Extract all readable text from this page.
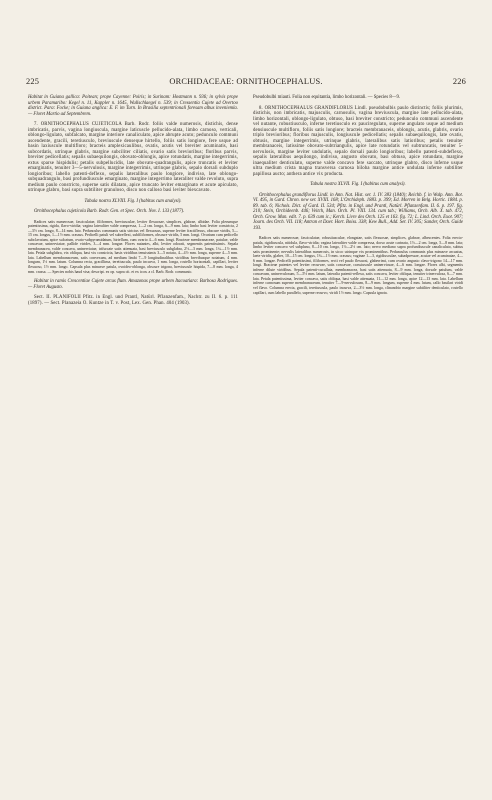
225	ORCHIDACEAE: ORNITHOCEPHALUS.	226

Habitat in Guiana gallica: Poitean; prope Cayenne: Poiris; in Surinam: Hostmann n. 936; in sylvis prope urbem Paramaribo: Kegel n. 11, Kappler n. 1645, Wullschlaegel n. 539; in Cressentia Cujete ad Overtoo district. Para: Focke; in Guiana anglica: E. F. im Turn. In Brasilia septentrionali foresam albus inveniemla. — Floret Martio ad Septembrem.

7. ORNITHOCEPHALUS CUJETICOLA Barb. Rodr. foliis valde numerosis, distichis, dense imbricatis, parvis, vagina longiuscula, margine laticuscle pellucido-alata, limbo carnoso, verticali, oblongo-ligulato, subfalcato, margine interiore canaliculato, apice abrupte acuto; pedunculo communi ascendente, gracili, teretiusculo, breviuscule denseque hirtello, foliis satis longiore, fere usque ad basin laxiuscule multifloro; bracteis amplexicaulibus, ovatis, acutis vel breviter acuminatis, basi subcordatis, utrinque glabris, margine subciliter ciliatis, ovario satis brevioribus; floribus parvis, breviter pedicellatis; sepalis subaequilongis, obovato-oblongis, apice rotundatis, margine integerrimis, extus sparse hispidulis; petalis subpellucidis, late obovato-quadrangulis, apice truncatis et leviter emarginatis, tenuiter 3—5-nervulosis, margine integerrimis, utrinque glabris, sepalo dorsali subduplo longioribus; labello patenti-deflexo, sepalis lateralibus paulo longiore, indiviso, late oblongo-subquadrangulo, basi profundiuscule emarginato, margine integerrimo lateraliter valde revoluto, supra medium paulo constricto, superne satis dilatato, apice truncato leviter emarginato et acute apiculato, utrinque glabro, basi supra subtiliter granuloso, disco non calloso basi leviter biexcavato.

Tabula nostra XLVIII. Fig. I (habitus cum analysi).

Ornithocephalus cujeticola Barb. Rodr. Gen. et Spec. Orch. Nov. I. 133 (1877).

Radices satis numerosae, fasciculatae, filiformes, breviusculae, leviter flexuosae, simplices, glabrae, albidae. Folia plerumque patentissima, rigida, flavo-viridia; vagina lateraliter valde compressa, 1—2 cm. longa, 6—9 mm. lata; limbo basi leviter constricta, 2—3½ cm. longo, 8—14 mm. lato. Pedunculus communis satis strictus vel flexuosus, superne leviter fractiflexus, obscure viridis, 5—15 cm. longus, 1—1½ mm. crassus. Pedicelli patuli vel subreflexi, subfiliformes, obscure viridis, 5 mm. longi. Ovarium cum pedicello subclavatum, apice sulcatum, ovato-subpyramidatum, hirtellum, cum ovario 4—6 mm. longi. Bracteae membranaceae, patulae, valde concavae, uninerviatae, pallide virides, 3—4 mm. longae. Flores nutantes, albi, leviter odorati, segmentis patentissimis. Sepala membranacea, valde concava, uninerviatae, trifurcate satis attenuata, basi breviusculo subglabra, 2½—3 mm. longa, 1¼—1½ mm. lata. Petala subglabra, vix obliqua, basi vix constricta, basis viridibus tenuissimis 3—5 notata, 4—4½ mm. longa, superne 4—5 mm. lata. Labellum membranaceum, satis convexum, ad medium limbi 7—9 longitudinalibus viridibus brevibusque notatum, 4 mm. longum, 1½ mm. latum. Columna recta, gracillima, teretiuscula, paulo incurva, 1 mm. longa, rostello horizontali, capillari, leviter flexuoso, 1½ mm. longo. Capsula plus minusve patula, ovoideo-oblonga, obscure trigona, breviuscule hispida, 7—8 mm. longa, 4 mm. crassa. — Species nobis haud visa; descript. ex op. supra cit. et ex icon. a cl. Barb. Rodr. communic.

Habitat in ramis Crescentiae Cujete arcus flum. Amazonas prope urbem Itacoatiara: Barbosa Rodrigues. — Floret Augusto.

Sect. II. PLANIFOLII Pfitz. in Engl. und Prantl, Natürl. Pflanzenfam., Nachtr. zu II. 6. p. 111 (1897). — Sect. Planazeia O. Kuntze in T. v. Post, Lex. Gen. Phan. 404 (1903).

Pseudobulbi miauti. Folia non equitantia, limbo horizontali. — Species 8—9.

8. ORNITHOCEPHALUS GRANDIFLORUS Lindl. pseudobulbis paulo distinctis; foliis plurimis, distichis, non imbricatis, majusculis, carnosulis, vagina breviuscula, margine late pellucido-alata, limbo horizontali, oblongo-ligulato, obtuso, basi breviter constricto; pedunculo communi ascendente vel nutante, robustiusculo, inferne teretiusculo ex pauciregulato, superne angulato usque ad medium densiuscule multifloro, foliis satis longiore; bracteis membranaceis, oblongis, acutis, glabris, ovario triplo brevioribus; floribus majusculis, longiuscule pedicellatis; sepalis subaequilongis, late ovatis, obtusis, margine integerrimis, utrinque glabris, lateralibus satis latioribus; petalis tenuiter membranaceis, latissime obovato-subtriangulis, apice late rotundatis vel subtruncatis, tenuiter 5-nervulosis, margine leviter undulatis, sepalo dorsali paulo longioribus; labello patenti-subdeflexo, sepalis lateralibus aequilongo, indiviso, angusto obovato, basi obtuso, apice rotundato, margine inaequaliter denticulato, superne valde concavo fere saccato, utrinque glabro, disco inferne usque ultra medium crista magna transversa carnosa biloba margine antice undulata inferne subtiliter papillosa aucto; anthera antice vix producta.

Tabula nostra XLVII. Fig. I (habitus cum analysi).

Ornithocephalus grandiflorus Lindl. in Ann. Nat. Hist. ser. 1. IV. 383 (1840); Reichb. f. in Walp. Ann. Bot. VI. 495, in Gard. Chron. new ser. XVIII. 168; L'Orchideph. 1883. p. 399; Ed. Morren in Belg. Hortic. 1884. p. 89. tab. 6; Nichols. Dict. of Gard. II. 534; Pfitz. in Engl. und Prantl, Natürl. Pflanzenfam. II. 6. p. 197. fig. 210; Stein, Orchideenb. 446; Veitch, Man. Orch. Pl. VIII. 134. cum tab.; Williams, Orch. Alb. X. tab. 472, Orch. Grow. Man. edit. 7. p. 639 cum ic.; Kerch. Livre des Orch. 125 et 163. fig. 72; L. Lind. Orch. Exot. 907; Journ. des Orch. VII. 118; Antran et Daer. Hort. Boiss. 338; Kew Bull., Add. Ser. IV. 305; Sander, Orch. Guide 193.

Radices satis numerosae, fasciculatae, robustiusculae, elongatae, satis flexuosae, simplices, glabrae, albescentes. Folia erecto-patula, rigidiuscula, nitidula, flavo-viridia; vagina lateraliter valde compressa, dorso acute carinata, 1½—2 cm. longa, 5—8 mm. lata; limbo leviter concavo vel subplano, 8—10 cm. longo, 1½—2½ cm. lato; nervo mediano supra profundiuscule canaliculato, subtus satis prominente; nervulis lateralibus numerosis, in sicco utrinque vix prominentibus. Pedunculus communis plus minusve arcuatus, laete viridis, glaber, 10—15 cm. longus, 1¾—1½ mm. crassus; vaginae 1—3, rigidiusculae, subadpressae, acutae vel acuminatae, 4—6 mm. longae. Pedicelli patentissimi, filiformes, recti vel paulo flexuosi, glaberrimi, cum ovario angusto clavo-trigono 14—17 mm. longi. Bracteae patentes vel leviter recurvae, satis concavae, crassiuscule uninerviosae, 4—6 mm. longae. Flores albi, segmentis inferne dilute viridibus. Sepala patenti-cucullata, membranacea, basi satis attenuata, 8—9 mm. longa, dorsale patulum, valde concavum, uninervulosum, 5—5½ mm. latum, lateralia patenti-reflexa, satis concava, leviter obliqua, tenuiter trinervulosa, 6—7 mm. lata. Petala patentissima, leviter concava, satis obliqua, basi valde attenuata, 11—12 mm. longa, apice 12—13 mm. lata. Labellum inferne carnosum superne membranaceum, tenuiter 7—9-nervulosum, 8—9 mm. longum, superne 4 mm. latum, callo basilari viridi vel flavo. Columna erecta, gracili, teretiuscula, paulo incurva, 2—3½ mm. longa, clinandrio margine subtiliter denticulato, rostello capillari, cum labello parallelo, superne recurvo, viridi 1½ mm. longo. Capsula ignota.
